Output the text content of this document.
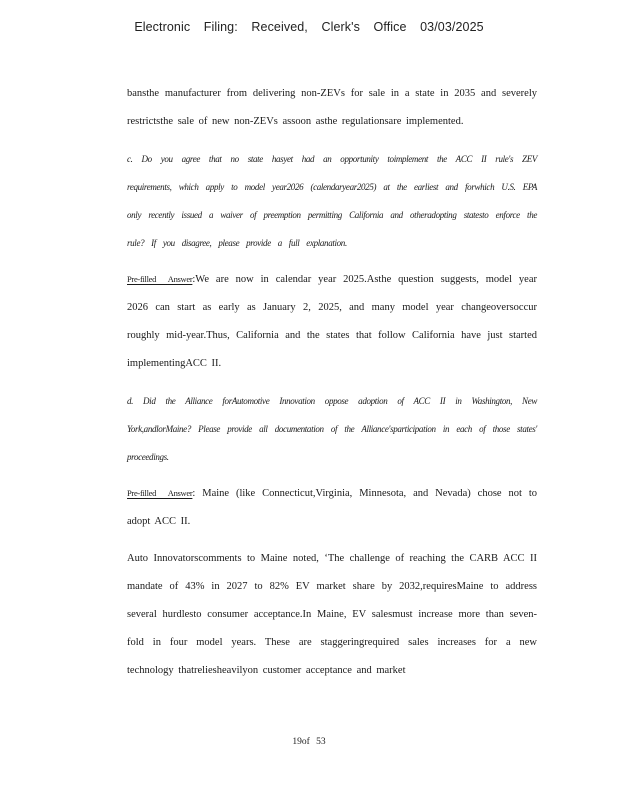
Electronic Filing: Received, Clerk's Office 03/03/2025

bansthe manufacturer from delivering non-ZEVs for sale in a state in 2035 and severely restrictsthe sale of new non-ZEVs assoon asthe regulationsare implemented.

c. Do you agree that no state hasyet had an opportunity toimplement the ACC II rule's ZEV requirements, which apply to model year2026 (calendaryear2025) at the earliest and forwhich U.S. EPA only recently issued a waiver of preemption permitting California and otheradopting statesto enforce the rule? If you disagree, please provide a full explanation.

Pre-filled Answer:We are now in calendar year 2025.Asthe question suggests, model year 2026 can start as early as January 2, 2025, and many model year changeoversoccur roughly mid-year.Thus, California and the states that follow California have just started implementingACC II.

d. Did the Alliance forAutomotive Innovation oppose adoption of ACC II in Washington, New York,andlorMaine? Please provide all documentation of the Alliance'sparticipation in each of those states' proceedings.

Pre-filled Answer: Maine (like Connecticut,Virginia, Minnesota, and Nevada) chose not to adopt ACC II.

Auto Innovatorscomments to Maine noted, ‘The challenge of reaching the CARB ACC II mandate of 43% in 2027 to 82% EV market share by 2032,requiresMaine to address several hurdlesto consumer acceptance.In Maine, EV salesmust increase more than seven-fold in four model years. These are staggeringrequired sales increases for a new technology thatreliesheavilyon customer acceptance and market

19of 53
